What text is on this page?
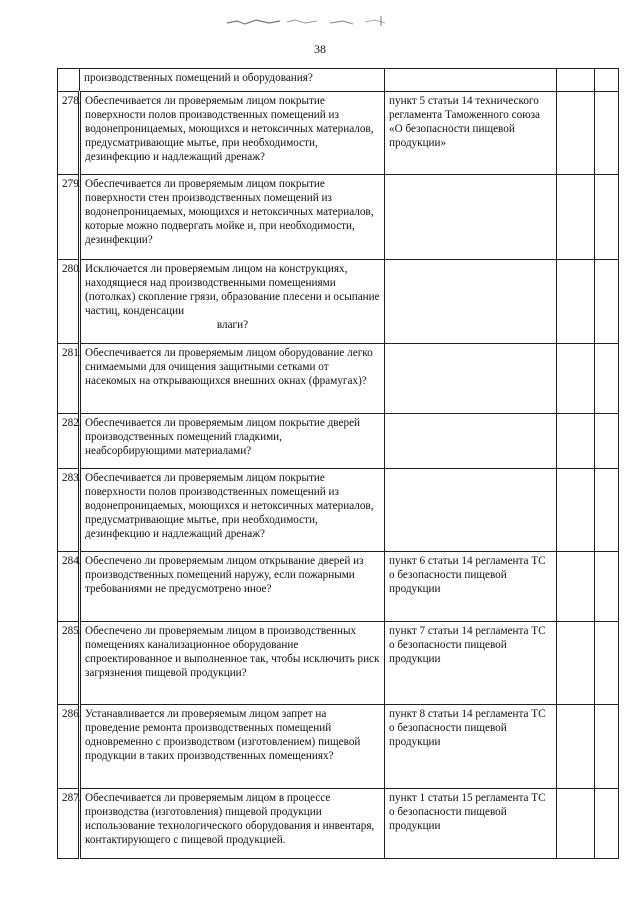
38
	производственных помещений и оборудования?			
278.	Обеспечивается ли проверяемым лицом покрытие поверхности полов производственных помещений из водонепроницаемых, моющихся и нетоксичных материалов, предусматривающие мытье, при необходимости, дезинфекцию и надлежащий дренаж?	пункт 5 статьи 14 технического регламента Таможенного союза «О безопасности пищевой продукции»		
279.	Обеспечивается ли проверяемым лицом покрытие поверхности стен производственных помещений из водонепроницаемых, моющихся и нетоксичных материалов, которые можно подвергать мойке и, при необходимости, дезинфекции?			
280.	Исключается ли проверяемым лицом на конструкциях, находящиеся над производственными помещениями (потолках) скопление грязи, образование плесени и осыпание частиц, конденсации
влаги?			

281.	Обеспечивается ли проверяемым лицом оборудование легко снимаемыми для очищения защитными сетками от насекомых на открывающихся внешних окнах (фрамугах)?			
282.	Обеспечивается ли проверяемым лицом покрытие дверей производственных помещений гладкими, неабсорбирующими материалами?			
283.	Обеспечивается ли проверяемым лицом покрытие поверхности полов производственных помещений из водонепроницаемых, моющихся и нетоксичных материалов, предусматривающие мытье, при необходимости, дезинфекцию и надлежащий дренаж?			
284.	Обеспечено ли проверяемым лицом открывание дверей из производственных помещений наружу, если пожарными требованиями не предусмотрено иное?	пункт 6 статьи 14 регламента ТС о безопасности пищевой продукции		
285.	Обеспечено ли проверяемым лицом в производственных помещениях канализационное оборудование спроектированное и выполненное так, чтобы исключить риск загрязнения пищевой продукции?	пункт 7 статьи 14 регламента ТС о безопасности пищевой продукции		
286.	Устанавливается ли проверяемым лицом запрет на проведение ремонта производственных помещений одновременно с производством (изготовлением) пищевой продукции в таких производственных помещениях?	пункт 8 статьи 14 регламента ТС о безопасности пищевой продукции		
287.	Обеспечивается ли проверяемым лицом в процессе производства (изготовления) пищевой продукции использование технологического оборудования и инвентаря, контактирующего с пищевой продукцией.	пункт 1 статьи 15 регламента ТС о безопасности пищевой продукции		
